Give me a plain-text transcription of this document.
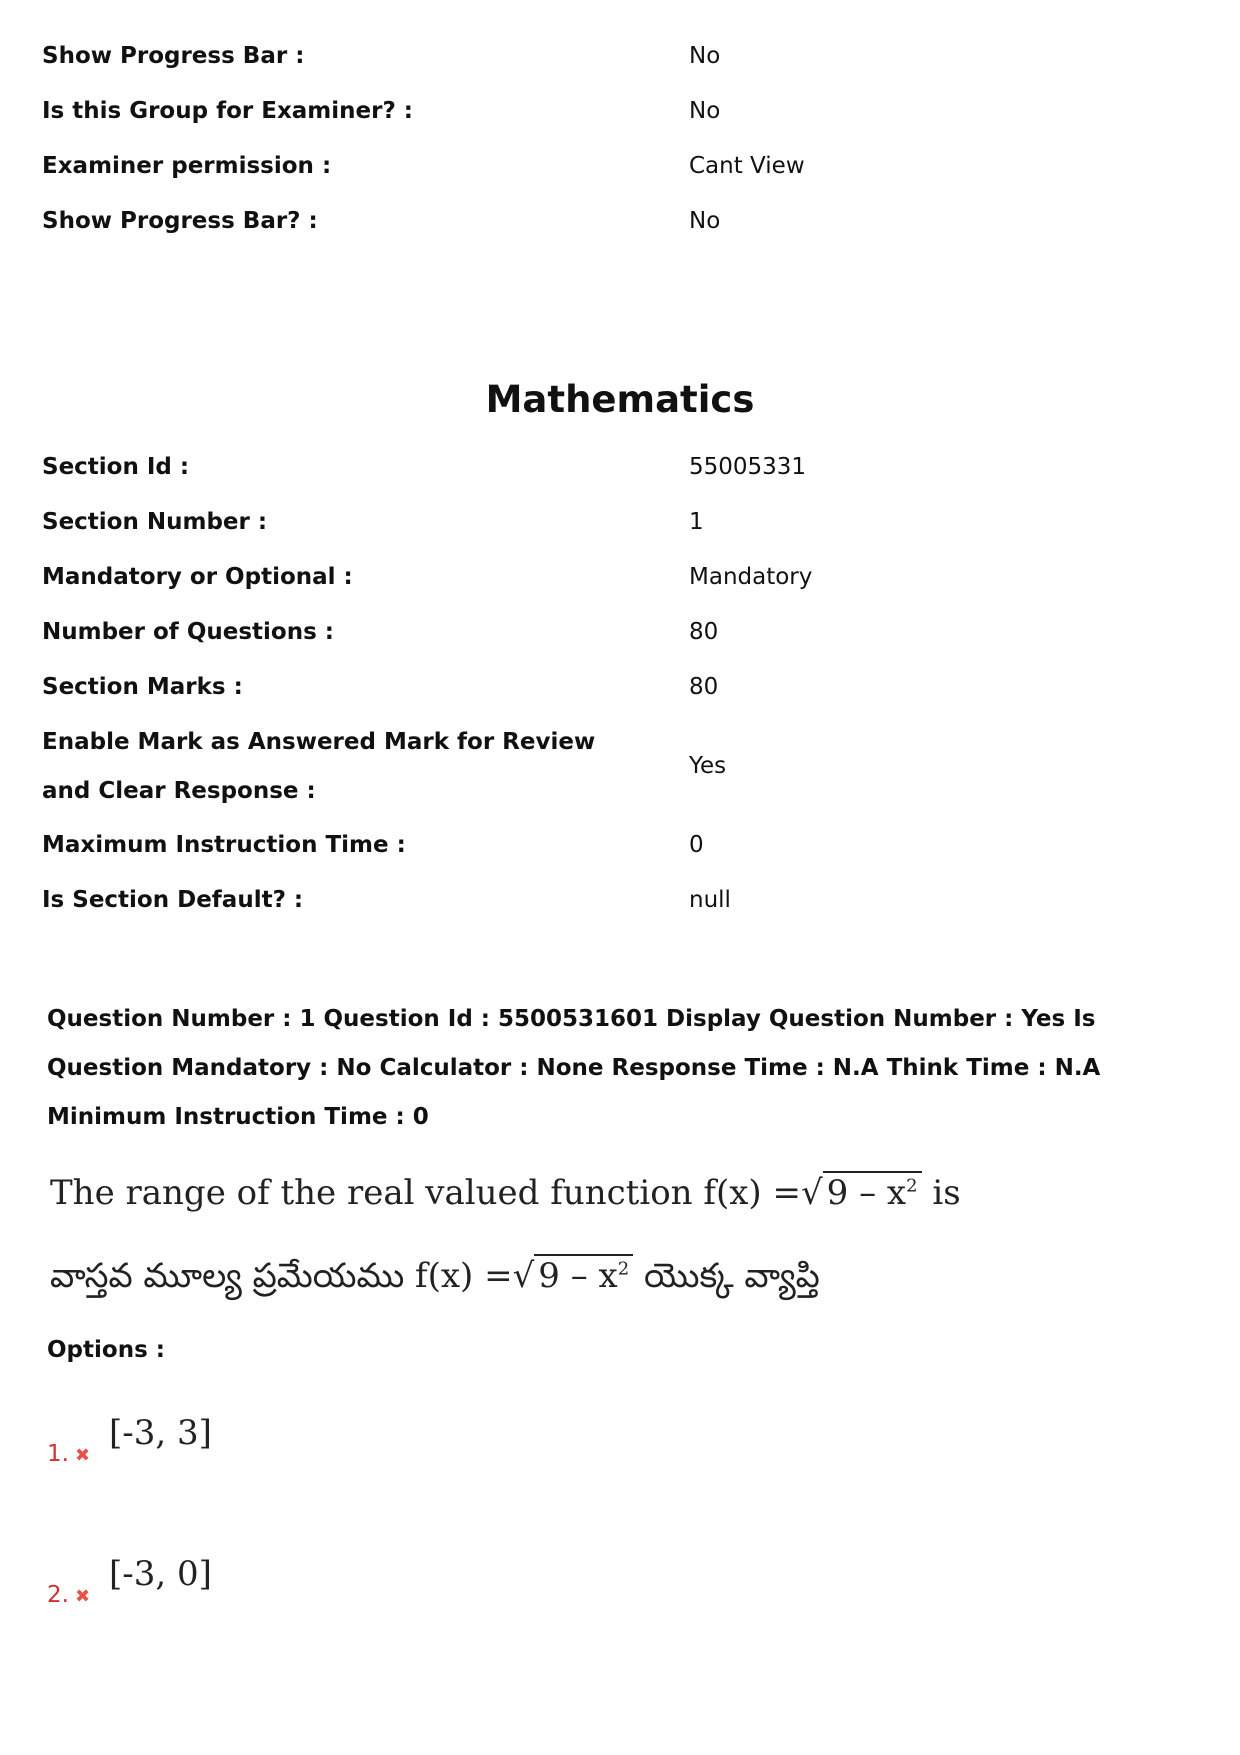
Show Progress Bar :	No
Is this Group for Examiner? :	No
Examiner permission :	Cant View
Show Progress Bar? :	No
Mathematics
Section Id :	55005331
Section Number :	1
Mandatory or Optional :	Mandatory
Number of Questions :	80
Section Marks :	80
Enable Mark as Answered Mark for Review and Clear Response :
Yes
Maximum Instruction Time :	0
Is Section Default? :	null
Question Number : 1 Question Id : 5500531601 Display Question Number : Yes Is Question Mandatory : No Calculator : None Response Time : N.A Think Time : N.A Minimum Instruction Time : 0
The range of the real valued function f(x) =√ $9 - x^2$ is
వాస్తవ మూల్య ప్రమేయము f(x) =√ $9 - x^2$ యొక్క వ్యాప్తి
Options :
1. ✖
[-3, 3]
2. ✖
[-3, 0]
